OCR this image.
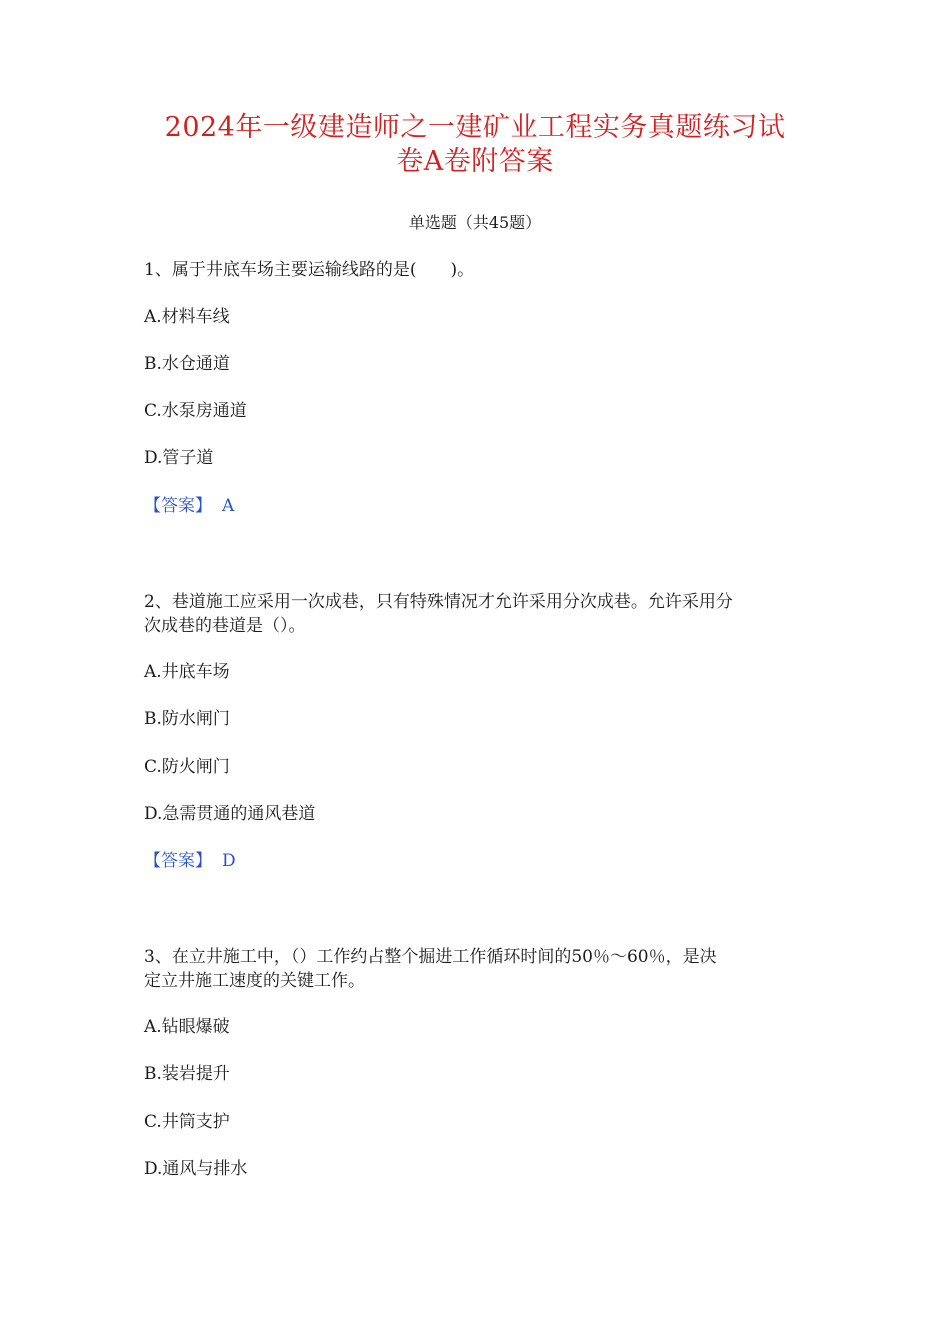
2024年一级建造师之一建矿业工程实务真题练习试
卷A卷附答案
单选题（共45题）
1、属于井底车场主要运输线路的是(　　)。
A.材料车线
B.水仓通道
C.水泵房通道
D.管子道
【答案】 A
2、巷道施工应采用一次成巷，只有特殊情况才允许采用分次成巷。允许采用分
次成巷的巷道是（）。
A.井底车场
B.防水闸门
C.防火闸门
D.急需贯通的通风巷道
【答案】 D
3、在立井施工中，（）工作约占整个掘进工作循环时间的50％～60％，是决
定立井施工速度的关键工作。
A.钻眼爆破
B.装岩提升
C.井筒支护
D.通风与排水
